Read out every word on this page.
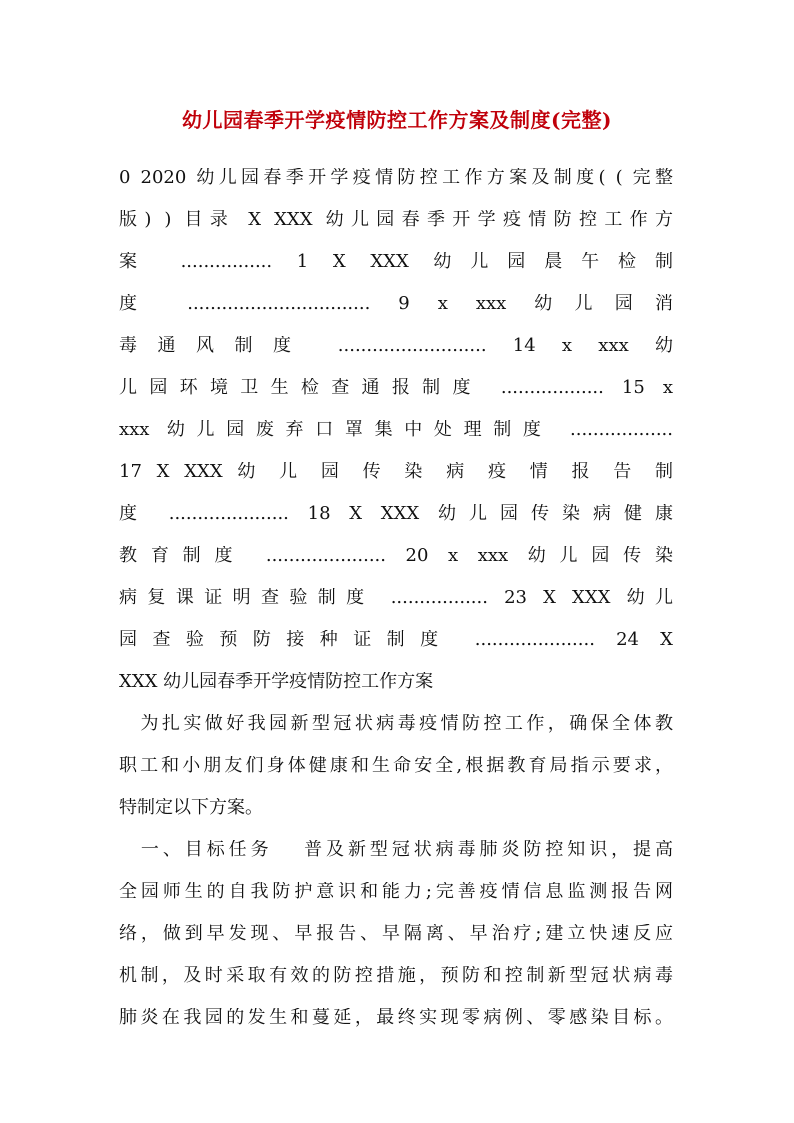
幼儿园春季开学疫情防控工作方案及制度(完整)
0 2020 幼儿园春季开学疫情防控工作方案及制度( ( 完整
版) ) 目录 X XXX 幼儿园春季开学疫情防控工作方
案 ................ 1 X XXX 幼儿园晨午检制
度 ................................ 9 x xxx 幼儿园消
毒通风制度 .......................... 14 x xxx 幼
儿园环境卫生检查通报制度 .................. 15 x
xxx 幼儿园废弃口罩集中处理制度 ..................
17 X XXX 幼 儿 园 传 染 病 疫 情 报 告 制
度 ..................... 18 X XXX 幼儿园传染病健康
教育制度 ..................... 20 x xxx 幼儿园传染
病复课证明查验制度 ................. 23 X XXX 幼儿
园查验预防接种证制度 ..................... 24 X
XXX 幼儿园春季开学疫情防控工作方案
　为扎实做好我园新型冠状病毒疫情防控工作，确保全体教
职工和小朋友们身体健康和生命安全,根据教育局指示要求，
特制定以下方案。
　一、目标任务　 普及新型冠状病毒肺炎防控知识，提高
全园师生的自我防护意识和能力;完善疫情信息监测报告网
络，做到早发现、早报告、早隔离、早治疗;建立快速反应
机制，及时采取有效的防控措施，预防和控制新型冠状病毒
肺炎在我园的发生和蔓延，最终实现零病例、零感染目标。
